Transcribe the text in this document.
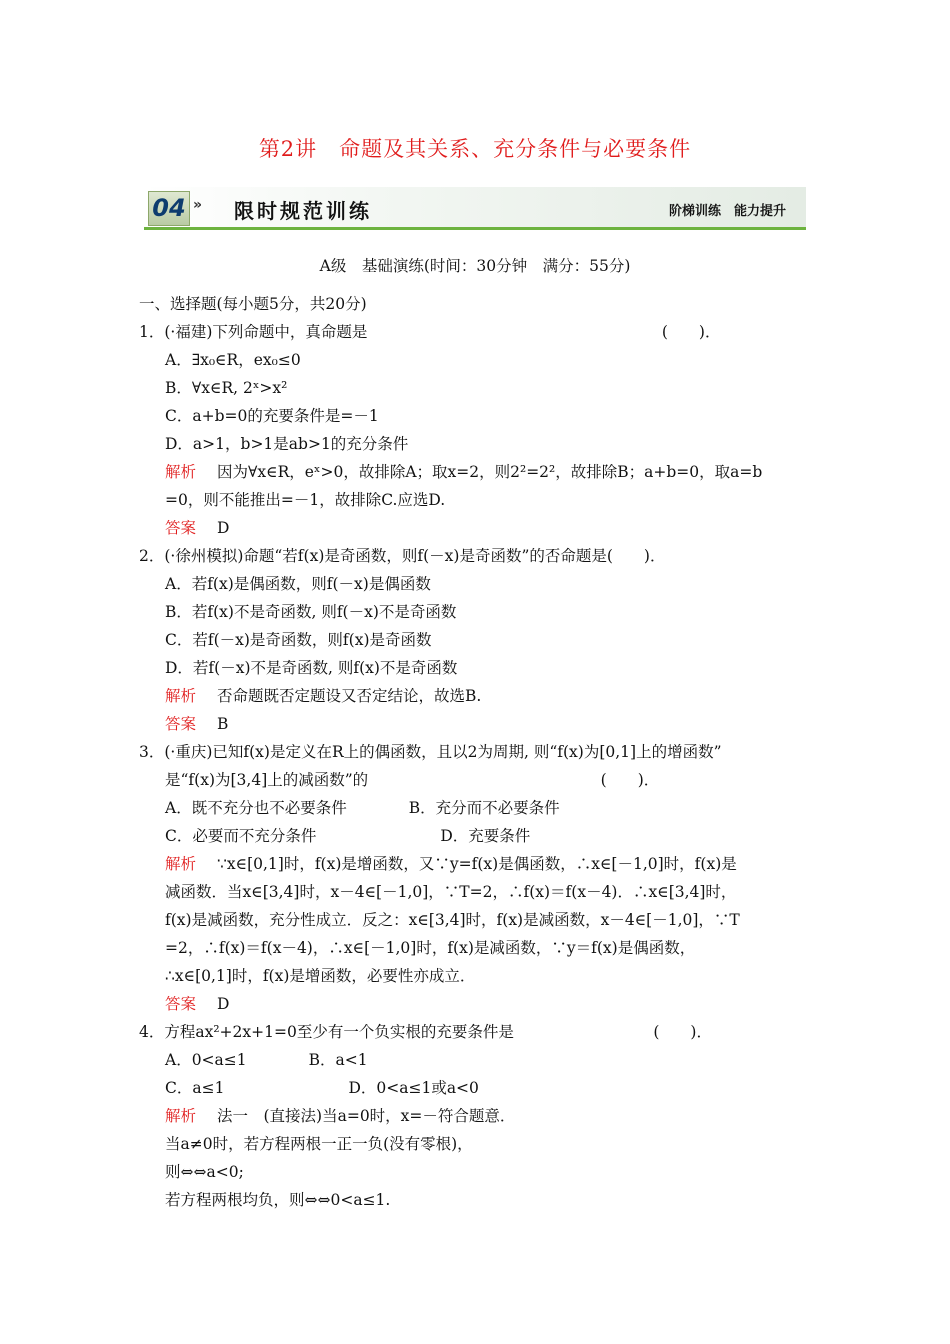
第2讲　命题及其关系、充分条件与必要条件
04 » 限时规范训练	阶梯训练　能力提升
A级　基础演练(时间：30分钟　满分：55分)
一、选择题(每小题5分，共20分)
1．(·福建)下列命题中，真命题是　　　　　　　　　　　　　　　　　　　(　　)．
A．∃x₀∈R，ex₀≤0
B．∀x∈R, 2ˣ>x²
C．a+b=0的充要条件是=－1
D．a>1，b>1是ab>1的充分条件
解析 因为∀x∈R，eˣ>0，故排除A；取x=2，则2²=2²，故排除B；a+b=0，取a=b
=0，则不能推出=－1，故排除C.应选D.
答案 D
2．(·徐州模拟)命题“若f(x)是奇函数，则f(－x)是奇函数”的否命题是(　　)．
A．若f(x)是偶函数，则f(－x)是偶函数
B．若f(x)不是奇函数, 则f(－x)不是奇函数
C．若f(－x)是奇函数，则f(x)是奇函数
D．若f(－x)不是奇函数, 则f(x)不是奇函数
解析 否命题既否定题设又否定结论，故选B.
答案 B
3．(·重庆)已知f(x)是定义在R上的偶函数，且以2为周期, 则“f(x)为[0,1]上的增函数”
是“f(x)为[3,4]上的减函数”的　　　　　　　　　　　　　　　(　　)．
A．既不充分也不必要条件　　　　B．充分而不必要条件
C．必要而不充分条件　　　　　　　　D．充要条件
解析 ∵x∈[0,1]时，f(x)是增函数，又∵y=f(x)是偶函数，∴x∈[－1,0]时，f(x)是
减函数．当x∈[3,4]时，x－4∈[－1,0]，∵T=2，∴f(x)＝f(x－4)．∴x∈[3,4]时，
f(x)是减函数，充分性成立．反之：x∈[3,4]时，f(x)是减函数，x－4∈[－1,0]，∵T
=2，∴f(x)＝f(x－4)，∴x∈[－1,0]时，f(x)是减函数，∵y＝f(x)是偶函数，
∴x∈[0,1]时，f(x)是增函数，必要性亦成立．
答案 D
4．方程ax²+2x+1=0至少有一个负实根的充要条件是　　　　　　　　　(　　)．
A．0<a≤1　　　　B．a<1
C．a≤1　　　　　　　　D．0<a≤1或a<0
解析 法一　(直接法)当a=0时，x=－符合题意．
当a≠0时，若方程两根一正一负(没有零根)，
则⇔⇔a<0;
若方程两根均负，则⇔⇔0<a≤1.
